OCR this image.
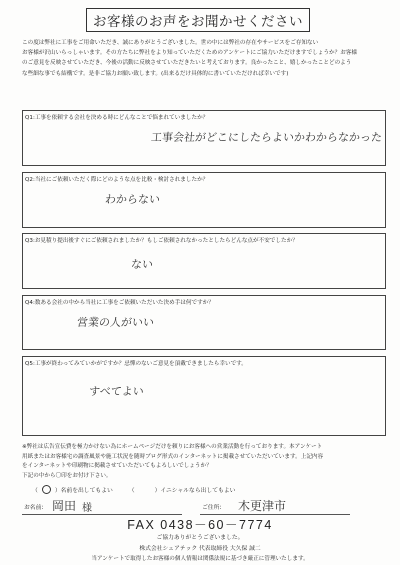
お客様のお声をお聞かせください

この度は弊社に工事をご用命いただき、誠にありがとうございました。世の中には弊社の存在やサービスをご存知ない

お客様が沢山いらっしゃいます。その方たちに弊社をより知っていただくためのアンケートにご協力いただけますでしょうか？お客様

のご意見を反映させていただき、今後の活動に反映させていただきたいと考えております。良かったこと、嬉しかったことどのよう

な些細な事でも結構です。是非ご協力お願い致します。(出来るだけ具体的に書いていただければ幸いです)

Q1:工事を依頼する会社を決める時にどんなことで悩まれていましたか？
工事会社がどこにしたらよいかわからなかった
Q2:当社にご依頼いただく際にどのような点を比較・検討されましたか？
わからない
Q3:お見積り提出後すぐにご依頼されましたか？もしご依頼されなかったとしたらどんな点が不安でしたか？
ない
Q4:数ある会社の中から当社に工事をご依頼いただいた決め手は何ですか？
営業の人がいい
Q5:工事が終わってみていかがですか？忌憚のないご意見を頂戴できましたら幸いです。
すべてよい

※弊社は広告宣伝費を極力かけない為にホームページだけを頼りにお客様への営業活動を行っております。本アンケート

用紙またはお客様宅の調査風景や施工状況を随時ブログ形式のインターネットに掲載させていただいています。上記内容

をインターネットや印刷物に掲載させていただいてもよろしいでしょうか？

下記の中から〇印をお付け下さい。

（	）名前を出してもよい	（	）イニシャルなら出してもよい
お名前: 岡田 様	ご住所: 木更津市
FAX 0438－60－7774
ご協力ありがとうございました。
株式会社シェアテック 代表取締役 大久保 誠二
当アンケートで取得したお客様の個人情報は関係法規に基づき厳正に管理いたします。
